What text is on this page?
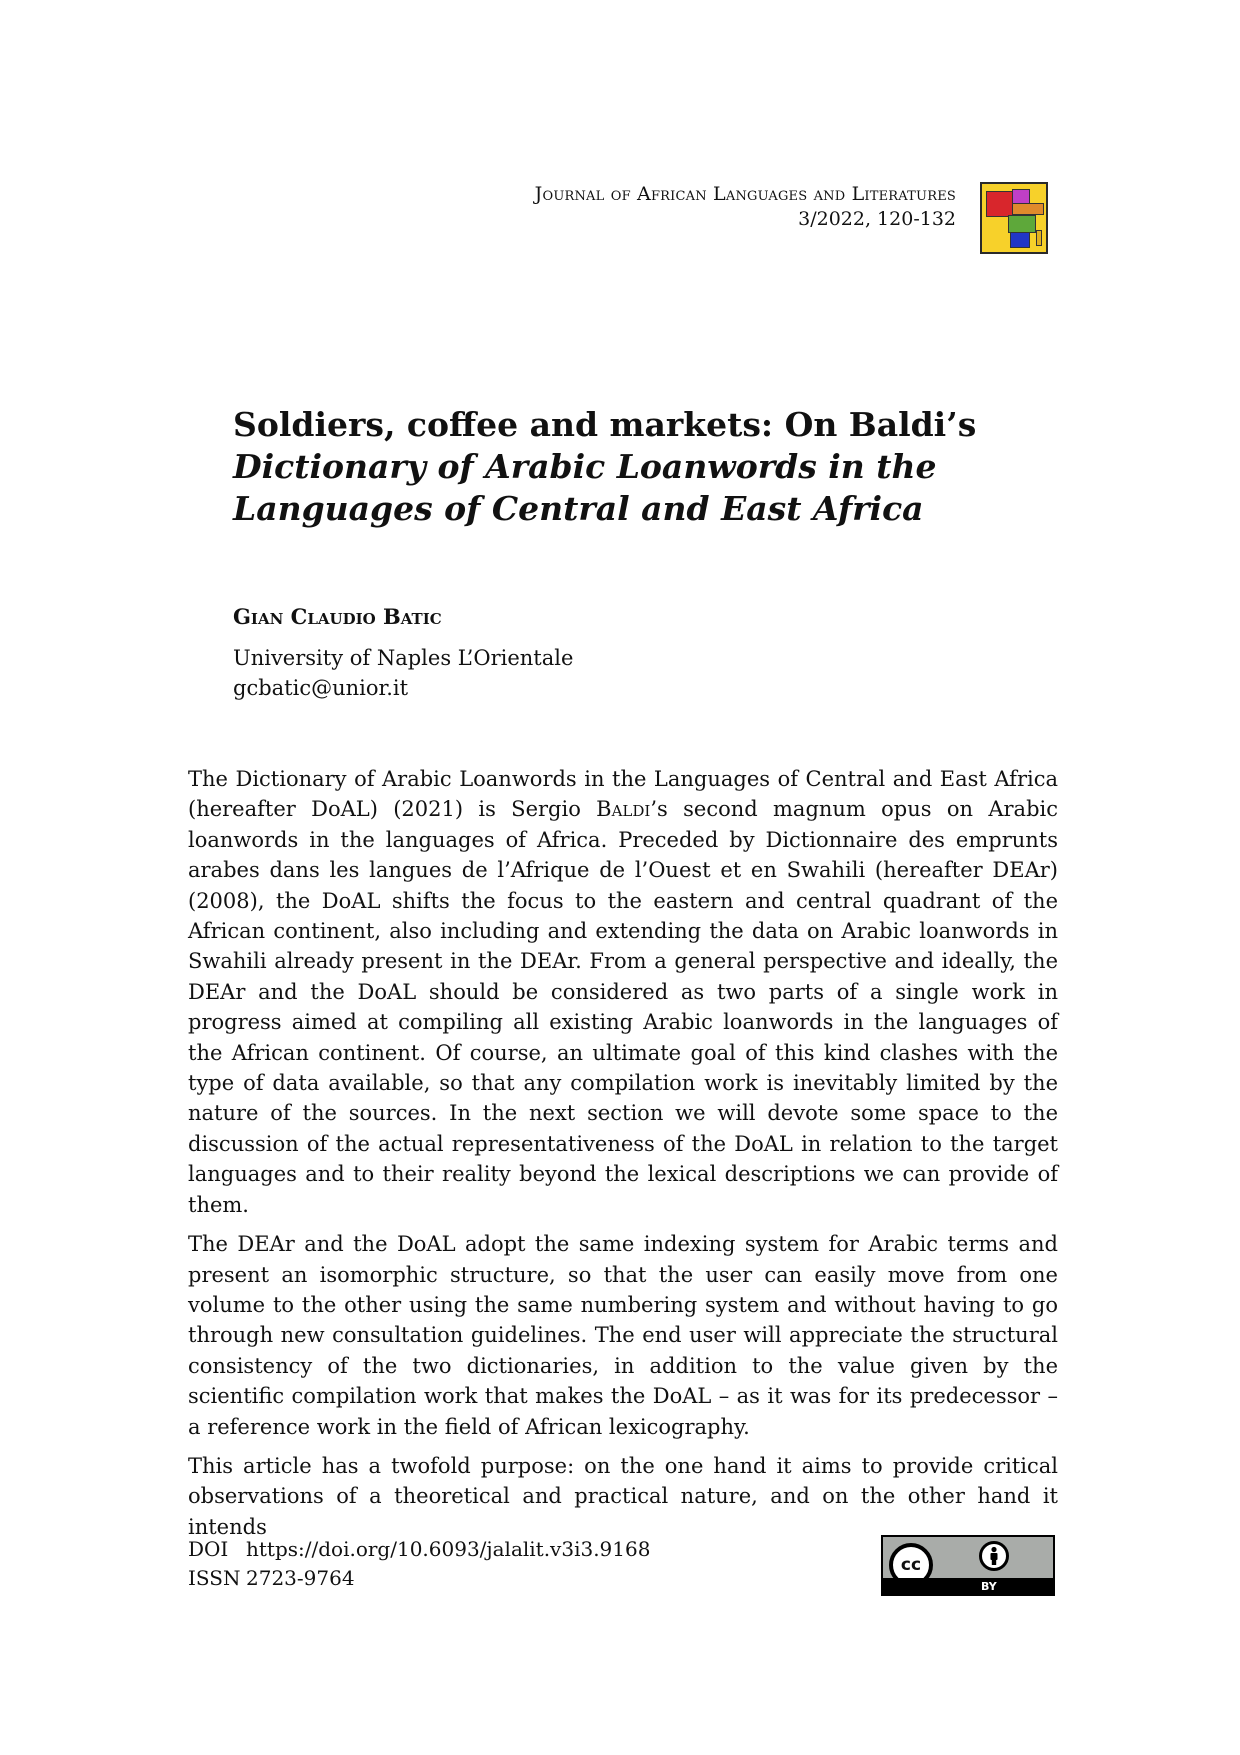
Journal of African Languages and Literatures
3/2022, 120-132
Soldiers, coffee and markets: On Baldi’s
Dictionary of Arabic Loanwords in the
Languages of Central and East Africa
Gian Claudio Batic
University of Naples L’Orientale
gcbatic@unior.it

The Dictionary of Arabic Loanwords in the Languages of Central and East Africa (hereafter DoAL) (2021) is Sergio Baldi’s second magnum opus on Arabic loanwords in the languages of Africa. Preceded by Dictionnaire des emprunts arabes dans les langues de l’Afrique de l’Ouest et en Swahili (hereafter DEAr) (2008), the DoAL shifts the focus to the eastern and central quadrant of the African continent, also including and extending the data on Arabic loanwords in Swahili already present in the DEAr. From a general perspective and ideally, the DEAr and the DoAL should be considered as two parts of a single work in progress aimed at compiling all existing Arabic loanwords in the languages of the African continent. Of course, an ultimate goal of this kind clashes with the type of data available, so that any compilation work is inevitably limited by the nature of the sources. In the next section we will devote some space to the discussion of the actual representativeness of the DoAL in relation to the target languages and to their reality beyond the lexical descriptions we can provide of them.

The DEAr and the DoAL adopt the same indexing system for Arabic terms and present an isomorphic structure, so that the user can easily move from one volume to the other using the same numbering system and without having to go through new consultation guidelines. The end user will appreciate the structural consistency of the two dictionaries, in addition to the value given by the scientific compilation work that makes the DoAL – as it was for its predecessor – a reference work in the field of African lexicography.

This article has a twofold purpose: on the one hand it aims to provide critical observations of a theoretical and practical nature, and on the other hand it intends

DOI https://doi.org/10.6093/jalalit.v3i3.9168
ISSN 2723-9764
cc
BY
